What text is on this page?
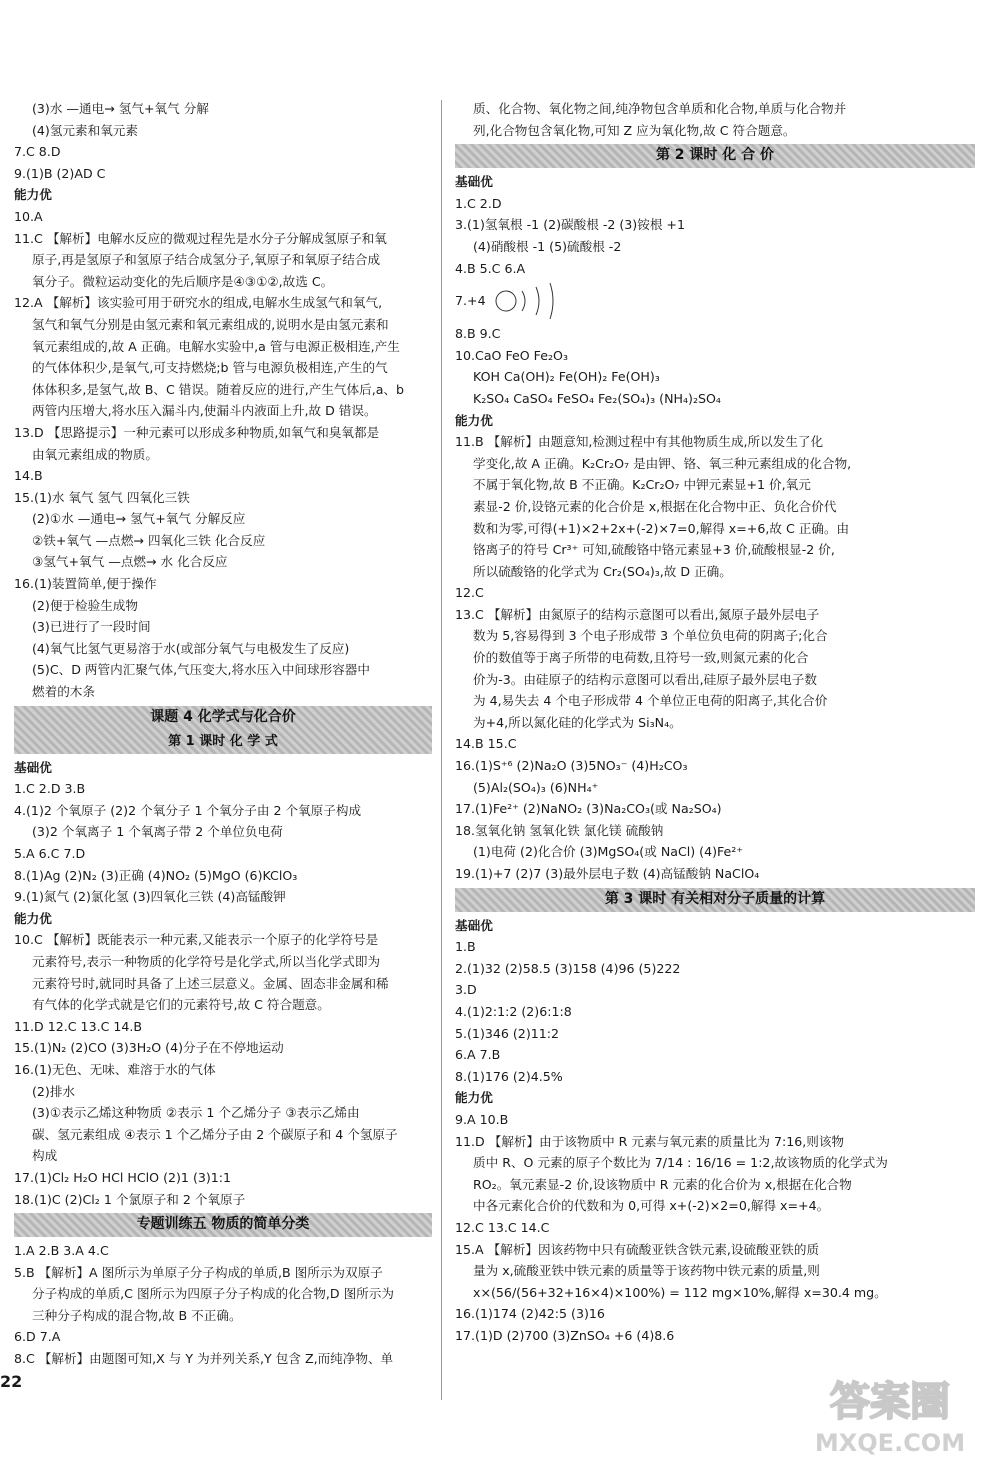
(3)水 —通电→ 氢气+氧气 分解
(4)氢元素和氧元素
7.C 8.D
9.(1)B (2)AD C
能力优
10.A
11.C 【解析】电解水反应的微观过程先是水分子分解成氢原子和氧
原子,再是氢原子和氢原子结合成氢分子,氧原子和氧原子结合成
氧分子。微粒运动变化的先后顺序是④③①②,故选 C。
12.A 【解析】该实验可用于研究水的组成,电解水生成氢气和氧气,
氢气和氧气分别是由氢元素和氧元素组成的,说明水是由氢元素和
氧元素组成的,故 A 正确。电解水实验中,a 管与电源正极相连,产生
的气体体积少,是氧气,可支持燃烧;b 管与电源负极相连,产生的气
体体积多,是氢气,故 B、C 错误。随着反应的进行,产生气体后,a、b
两管内压增大,将水压入漏斗内,使漏斗内液面上升,故 D 错误。
13.D 【思路提示】一种元素可以形成多种物质,如氧气和臭氧都是
由氧元素组成的物质。
14.B
15.(1)水 氧气 氢气 四氧化三铁
(2)①水 —通电→ 氢气+氧气 分解反应
②铁+氧气 —点燃→ 四氧化三铁 化合反应
③氢气+氧气 —点燃→ 水 化合反应
16.(1)装置简单,便于操作
(2)便于检验生成物
(3)已进行了一段时间
(4)氧气比氢气更易溶于水(或部分氧气与电极发生了反应)
(5)C、D 两管内汇聚气体,气压变大,将水压入中间球形容器中
燃着的木条
课题 4 化学式与化合价
第 1 课时 化 学 式
基础优
1.C 2.D 3.B
4.(1)2 个氧原子 (2)2 个氧分子 1 个氧分子由 2 个氧原子构成
(3)2 个氧离子 1 个氧离子带 2 个单位负电荷
5.A 6.C 7.D
8.(1)Ag (2)N₂ (3)正确 (4)NO₂ (5)MgO (6)KClO₃
9.(1)氮气 (2)氯化氢 (3)四氧化三铁 (4)高锰酸钾
能力优
10.C 【解析】既能表示一种元素,又能表示一个原子的化学符号是
元素符号,表示一种物质的化学符号是化学式,所以当化学式即为
元素符号时,就同时具备了上述三层意义。金属、固态非金属和稀
有气体的化学式就是它们的元素符号,故 C 符合题意。
11.D 12.C 13.C 14.B
15.(1)N₂ (2)CO (3)3H₂O (4)分子在不停地运动
16.(1)无色、无味、难溶于水的气体
(2)排水
(3)①表示乙烯这种物质 ②表示 1 个乙烯分子 ③表示乙烯由
碳、氢元素组成 ④表示 1 个乙烯分子由 2 个碳原子和 4 个氢原子
构成
17.(1)Cl₂ H₂O HCl HClO (2)1 (3)1:1
18.(1)C (2)Cl₂ 1 个氯原子和 2 个氧原子
专题训练五 物质的简单分类
1.A 2.B 3.A 4.C
5.B 【解析】A 图所示为单原子分子构成的单质,B 图所示为双原子
分子构成的单质,C 图所示为四原子分子构成的化合物,D 图所示为
三种分子构成的混合物,故 B 不正确。
6.D 7.A
8.C 【解析】由题图可知,X 与 Y 为并列关系,Y 包含 Z,而纯净物、单
质、化合物、氧化物之间,纯净物包含单质和化合物,单质与化合物并
列,化合物包含氧化物,可知 Z 应为氧化物,故 C 符合题意。
第 2 课时 化 合 价
基础优
1.C 2.D
3.(1)氢氧根 -1 (2)碳酸根 -2 (3)铵根 +1
(4)硝酸根 -1 (5)硫酸根 -2
4.B 5.C 6.A
7.+4
8.B 9.C
10.CaO FeO Fe₂O₃
KOH Ca(OH)₂ Fe(OH)₂ Fe(OH)₃
K₂SO₄ CaSO₄ FeSO₄ Fe₂(SO₄)₃ (NH₄)₂SO₄
能力优
11.B 【解析】由题意知,检测过程中有其他物质生成,所以发生了化
学变化,故 A 正确。K₂Cr₂O₇ 是由钾、铬、氧三种元素组成的化合物,
不属于氧化物,故 B 不正确。K₂Cr₂O₇ 中钾元素显+1 价,氧元
素显-2 价,设铬元素的化合价是 x,根据在化合物中正、负化合价代
数和为零,可得(+1)×2+2x+(-2)×7=0,解得 x=+6,故 C 正确。由
铬离子的符号 Cr³⁺ 可知,硫酸铬中铬元素显+3 价,硫酸根显-2 价,
所以硫酸铬的化学式为 Cr₂(SO₄)₃,故 D 正确。
12.C
13.C 【解析】由氮原子的结构示意图可以看出,氮原子最外层电子
数为 5,容易得到 3 个电子形成带 3 个单位负电荷的阴离子;化合
价的数值等于离子所带的电荷数,且符号一致,则氮元素的化合
价为-3。由硅原子的结构示意图可以看出,硅原子最外层电子数
为 4,易失去 4 个电子形成带 4 个单位正电荷的阳离子,其化合价
为+4,所以氮化硅的化学式为 Si₃N₄。
14.B 15.C
16.(1)S⁺⁶ (2)Na₂O (3)5NO₃⁻ (4)H₂CO₃
(5)Al₂(SO₄)₃ (6)NH₄⁺
17.(1)Fe²⁺ (2)NaNO₂ (3)Na₂CO₃(或 Na₂SO₄)
18.氢氧化钠 氢氧化铁 氯化镁 硫酸钠
(1)电荷 (2)化合价 (3)MgSO₄(或 NaCl) (4)Fe²⁺
19.(1)+7 (2)7 (3)最外层电子数 (4)高锰酸钠 NaClO₄
第 3 课时 有关相对分子质量的计算
基础优
1.B
2.(1)32 (2)58.5 (3)158 (4)96 (5)222
3.D
4.(1)2:1:2 (2)6:1:8
5.(1)346 (2)11:2
6.A 7.B
8.(1)176 (2)4.5%
能力优
9.A 10.B
11.D 【解析】由于该物质中 R 元素与氧元素的质量比为 7:16,则该物
质中 R、O 元素的原子个数比为 7/14 : 16/16 = 1:2,故该物质的化学式为
RO₂。氧元素显-2 价,设该物质中 R 元素的化合价为 x,根据在化合物
中各元素化合价的代数和为 0,可得 x+(-2)×2=0,解得 x=+4。
12.C 13.C 14.C
15.A 【解析】因该药物中只有硫酸亚铁含铁元素,设硫酸亚铁的质
量为 x,硫酸亚铁中铁元素的质量等于该药物中铁元素的质量,则
x×(56/(56+32+16×4)×100%) = 112 mg×10%,解得 x=30.4 mg。
16.(1)174 (2)42:5 (3)16
17.(1)D (2)700 (3)ZnSO₄ +6 (4)8.6
22	答案圈
MXQE.COM
